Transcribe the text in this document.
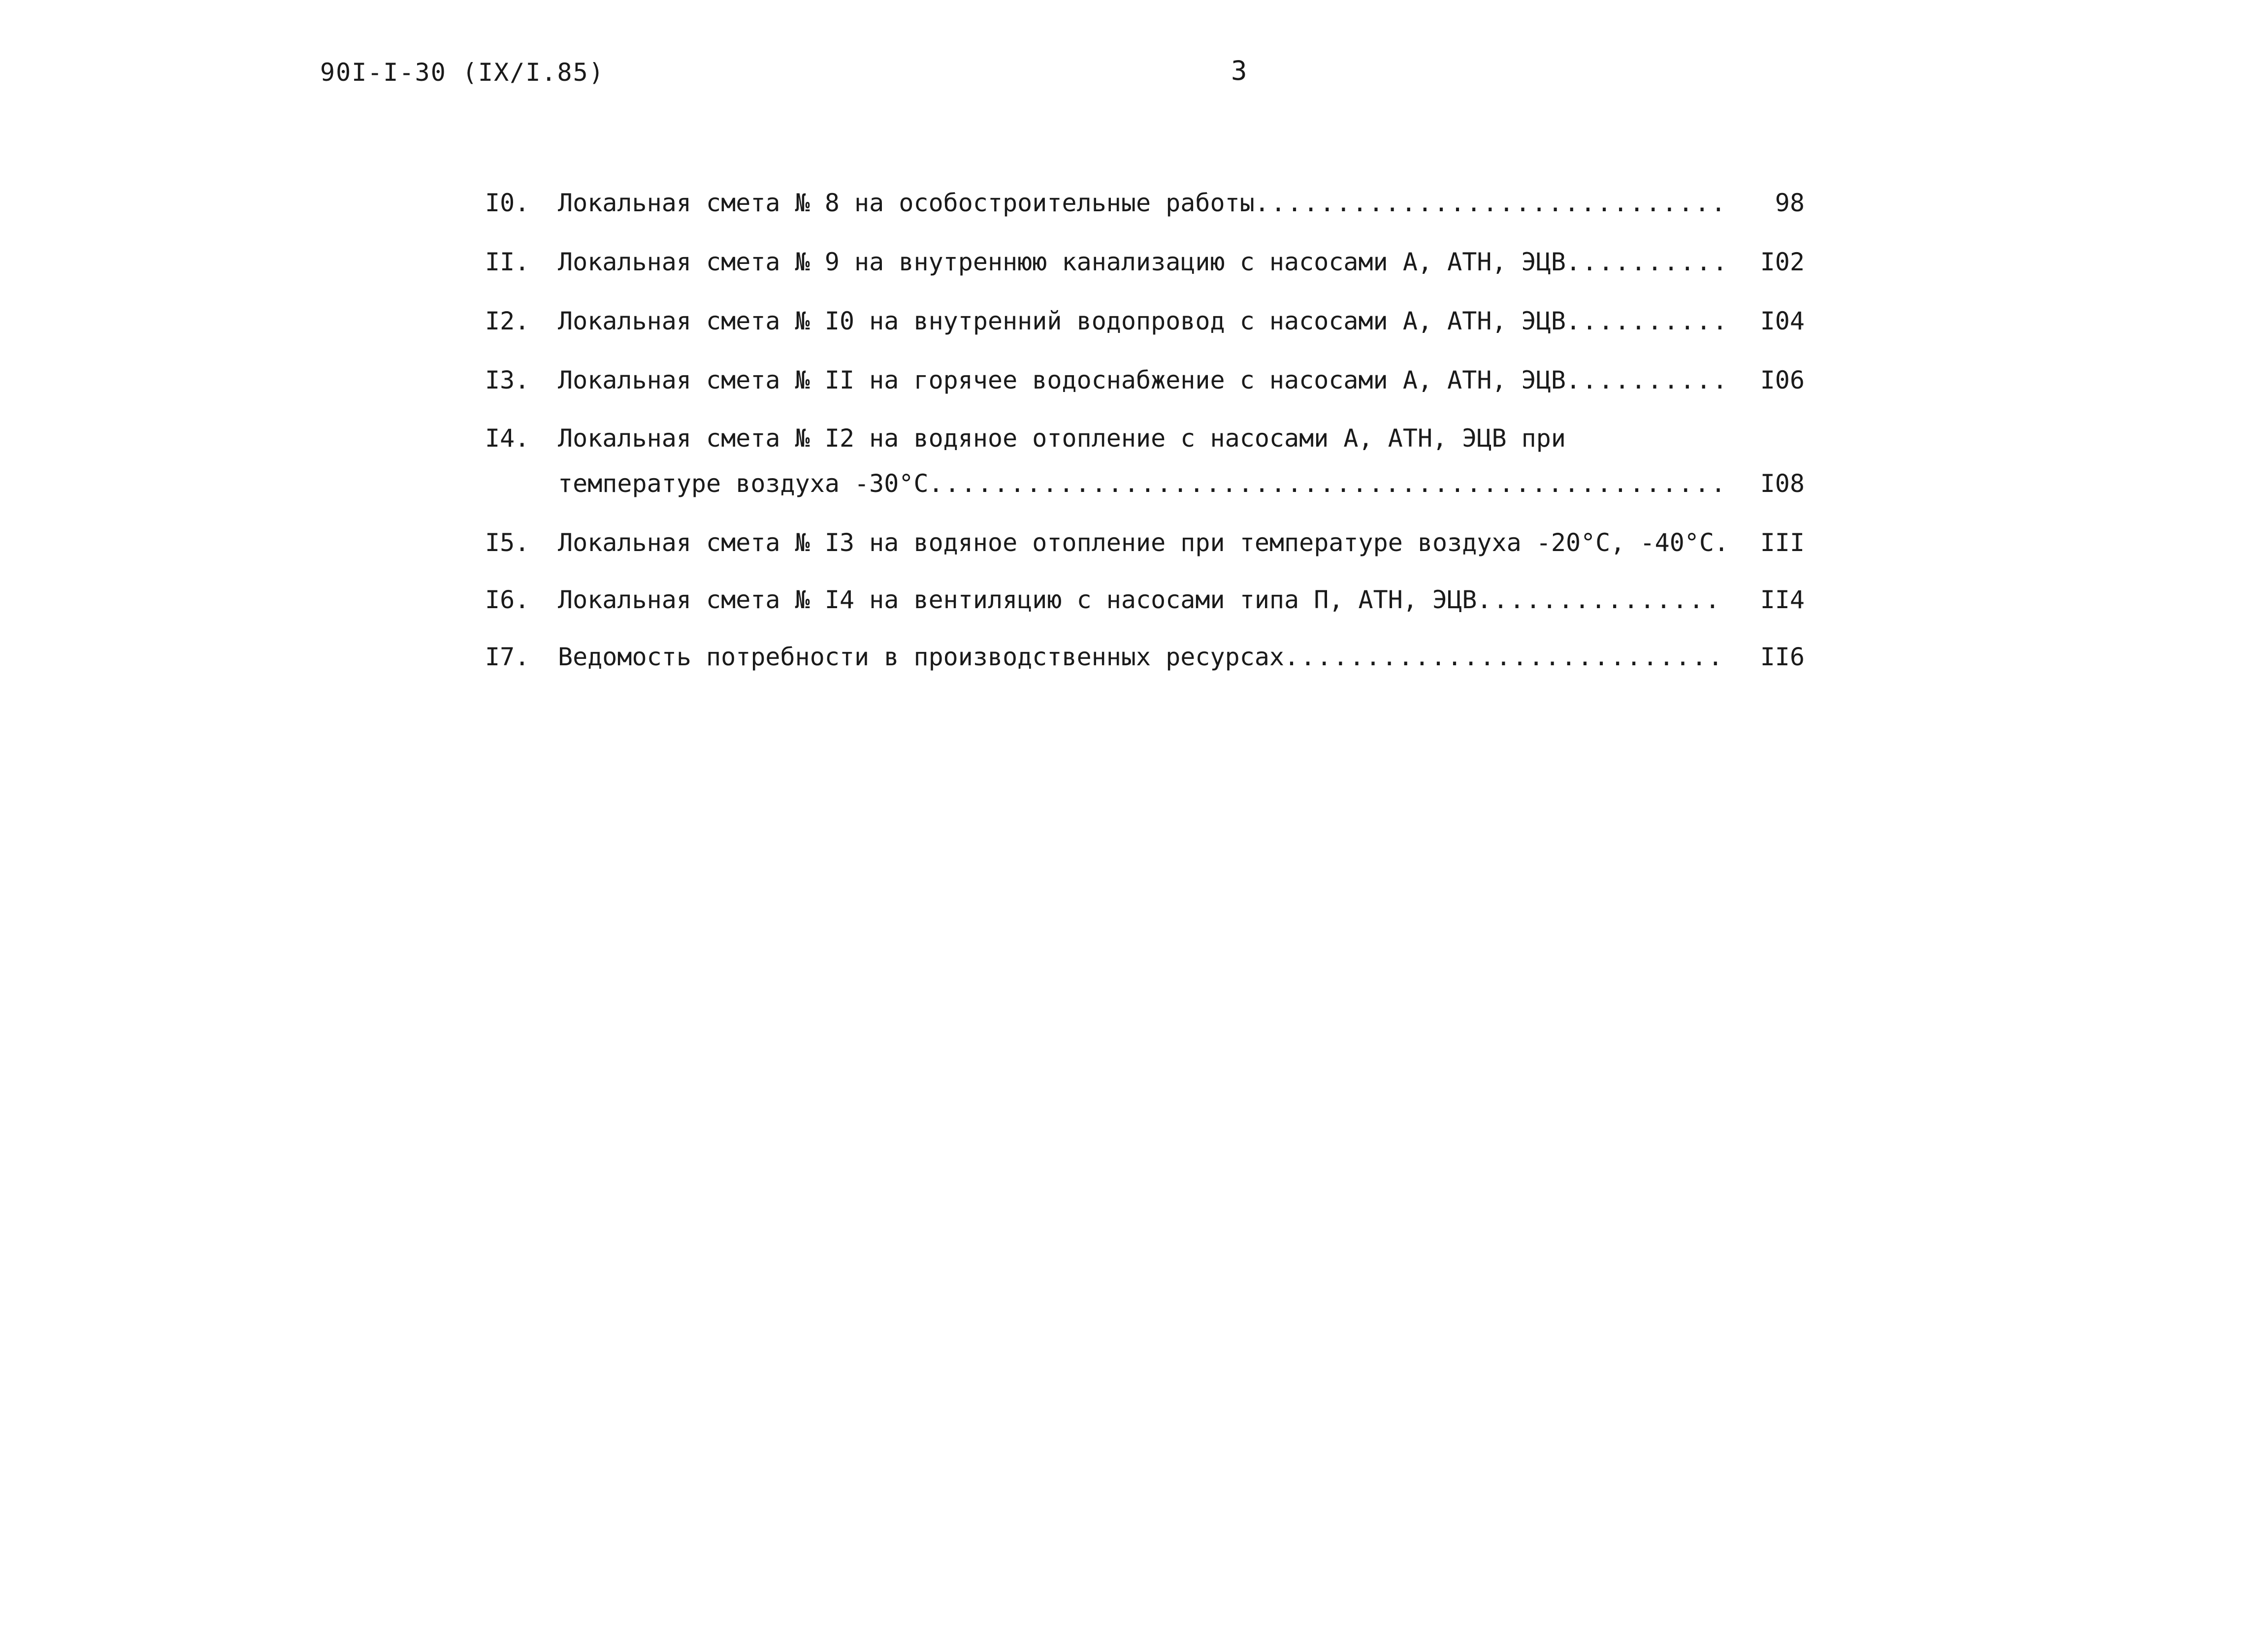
90I-I-30 (IX/I.85)	3
I0.	Локальная смета № 8 на особостроительные работы .....	98
II.	Локальная смета № 9 на внутреннюю канализацию с насосами А, АТН, ЭЦВ .....	I02
I2.	Локальная смета № I0 на внутренний водопровод с насосами А, АТН, ЭЦВ .....	I04
I3.	Локальная смета № II на горячее водоснабжение с насосами А, АТН, ЭЦВ .....	I06
I4.	Локальная смета № I2 на водяное отопление с насосами А, АТН, ЭЦВ при
температуре воздуха -30°C .....	I08
I5.	Локальная смета № I3 на водяное отопление при температуре воздуха -20°C, -40°C .....	III
I6.	Локальная смета № I4 на вентиляцию с насосами типа П, АТН, ЭЦВ .....	II4
I7.	Ведомость потребности в производственных ресурсах .....	II6
